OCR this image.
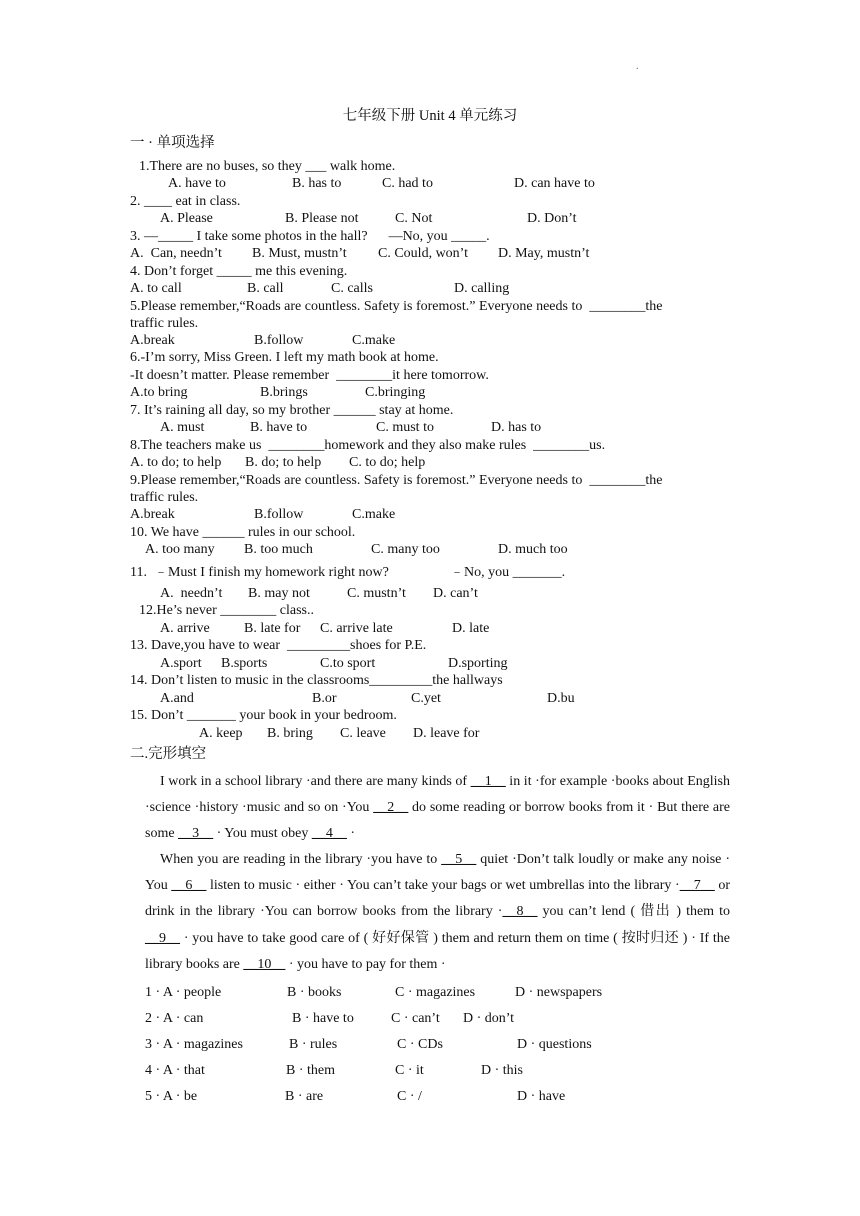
.
七年级下册 Unit 4 单元练习
一 · 单项选择
1.There are no buses, so they ___ walk home.
A. have to	B. has to	C. had to	D. can have to
2. ____ eat in class.
A. Please	B. Please not	C. Not	D. Don’t
3. —_____ I take some photos in the hall?      —No, you _____.
A.  Can, needn’t B. Must, mustn’t C. Could, won’t D. May, mustn’t
4. Don’t forget _____ me this evening.
A. to call	B. call	C. calls	D. calling
5.Please remember,“Roads are countless. Safety is foremost.” Everyone needs to  ________the
traffic rules.
A.break	B.follow	C.make
6.-I’m sorry, Miss Green. I left my math book at home.
-It doesn’t matter. Please remember  ________it here tomorrow.
A.to bring	B.brings	C.bringing
7. It’s raining all day, so my brother ______ stay at home.
A. must	B. have to	C. must to	D. has to
8.The teachers make us  ________homework and they also make rules  ________us.
A. to do; to help B. do; to help C. to do; help
9.Please remember,“Roads are countless. Safety is foremost.” Everyone needs to  ________the
traffic rules.
A.break	B.follow	C.make
10. We have ______ rules in our school.
A. too many B. too much	C. many too	D. much too
11.  ﹣Must I finish my homework right now?	﹣No, you _______.
A.  needn’t B. may not	C. mustn’t D. can’t
12.He’s never ________ class..
A. arrive B. late for C. arrive late	D. late
13. Dave,you have to wear  _________shoes for P.E.
A.sport B.sports	C.to sport	D.sporting
14. Don’t listen to music in the classrooms_________the hallways
A.and	B.or	C.yet	D.bu
15. Don’t _______ your book in your bedroom.
A. keep B. bring C. leave D. leave for
二.完形填空
I work in a school library ·and there are many kinds of __1__ in it ·for example ·books about English ·science ·history ·music and so on ·You __2__ do some reading or borrow books from it · But there are some __3__ · You must obey __4__ ·
When you are reading in the library ·you have to __5__ quiet ·Don’t talk loudly or make any noise · You __6__ listen to music · either · You can’t take your bags or wet umbrellas into the library ·__7__ or drink in the library ·You can borrow books from the library ·__8__ you can’t lend ( 借出 ) them to __9__ · you have to take good care of ( 好好保管 ) them and return them on time ( 按时归还 ) · If the library books are __10__ · you have to pay for them ·
1 · A · people	B · books	C · magazines	D · newspapers
2 · A · can	B · have to	C · can’t D · don’t
3 · A · magazines	B · rules	C · CDs	D · questions
4 · A · that	B · them	C · it	D · this
5 · A · be	B · are	C · /	D · have
